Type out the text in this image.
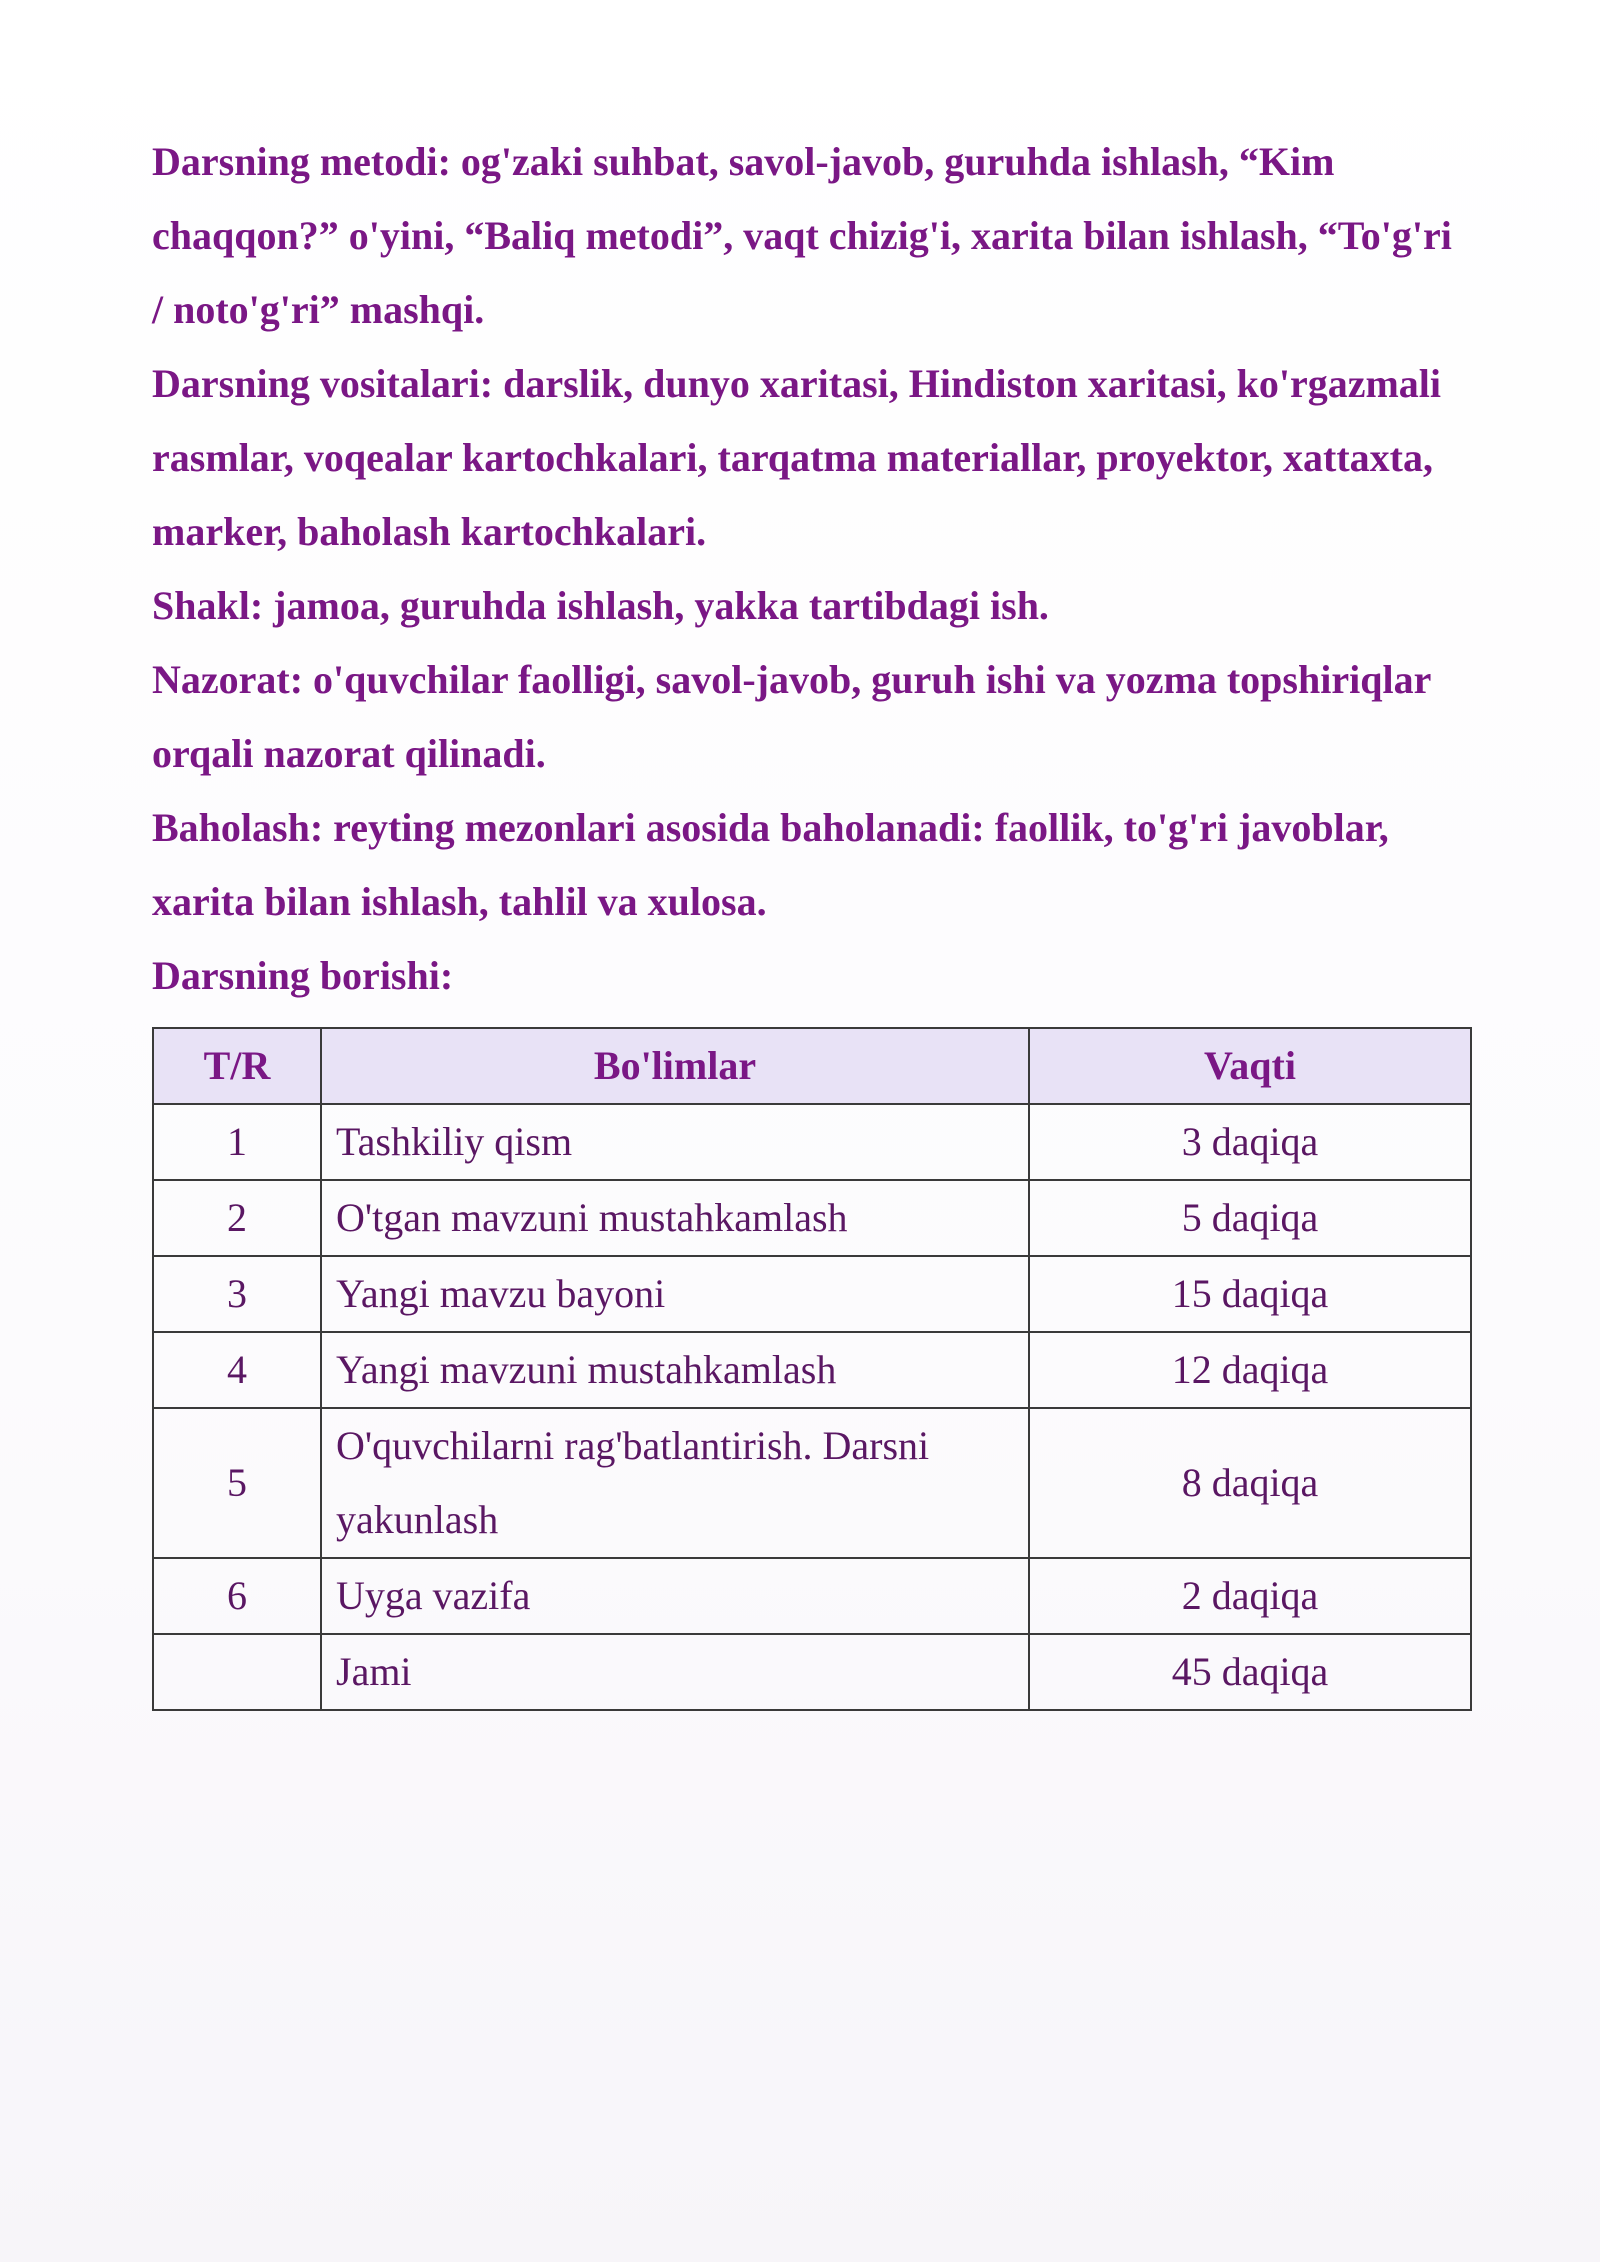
Darsning metodi: og'zaki suhbat, savol-javob, guruhda ishlash, “Kim chaqqon?” o'yini, “Baliq metodi”, vaqt chizig'i, xarita bilan ishlash, “To'g'ri / noto'g'ri” mashqi.

Darsning vositalari: darslik, dunyo xaritasi, Hindiston xaritasi, ko'rgazmali rasmlar, voqealar kartochkalari, tarqatma materiallar, proyektor, xattaxta, marker, baholash kartochkalari.

Shakl: jamoa, guruhda ishlash, yakka tartibdagi ish.

Nazorat: o'quvchilar faolligi, savol-javob, guruh ishi va yozma topshiriqlar orqali nazorat qilinadi.

Baholash: reyting mezonlari asosida baholanadi: faollik, to'g'ri javoblar, xarita bilan ishlash, tahlil va xulosa.

Darsning borishi:

T/R	Bo'limlar	Vaqti
1	Tashkiliy qism	3 daqiqa
2	O'tgan mavzuni mustahkamlash	5 daqiqa
3	Yangi mavzu bayoni	15 daqiqa
4	Yangi mavzuni mustahkamlash	12 daqiqa
5	O'quvchilarni rag'batlantirish. Darsni yakunlash	8 daqiqa
6	Uyga vazifa	2 daqiqa
	Jami	45 daqiqa
